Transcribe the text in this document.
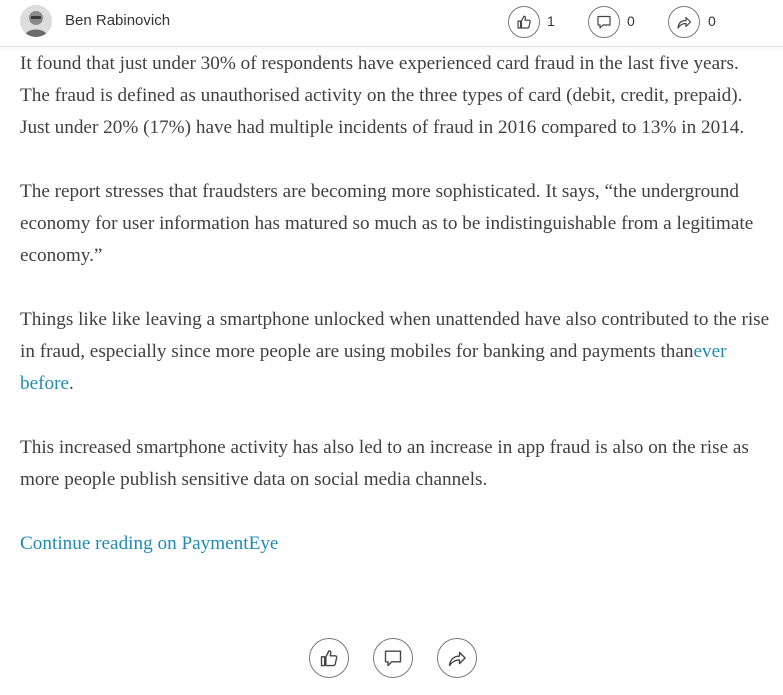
Ben Rabinovich	1	0	0

It found that just under 30% of respondents have experienced card fraud in the last five years. The fraud is defined as unauthorised activity on the three types of card (debit, credit, prepaid). Just under 20% (17%) have had multiple incidents of fraud in 2016 compared to 13% in 2014.

The report stresses that fraudsters are becoming more sophisticated. It says, “the underground economy for user information has matured so much as to be indistinguishable from a legitimate economy.”

Things like like leaving a smartphone unlocked when unattended have also contributed to the rise in fraud, especially since more people are using mobiles for banking and payments thanever before.

This increased smartphone activity has also led to an increase in app fraud is also on the rise as more people publish sensitive data on social media channels.

Continue reading on PaymentEye
